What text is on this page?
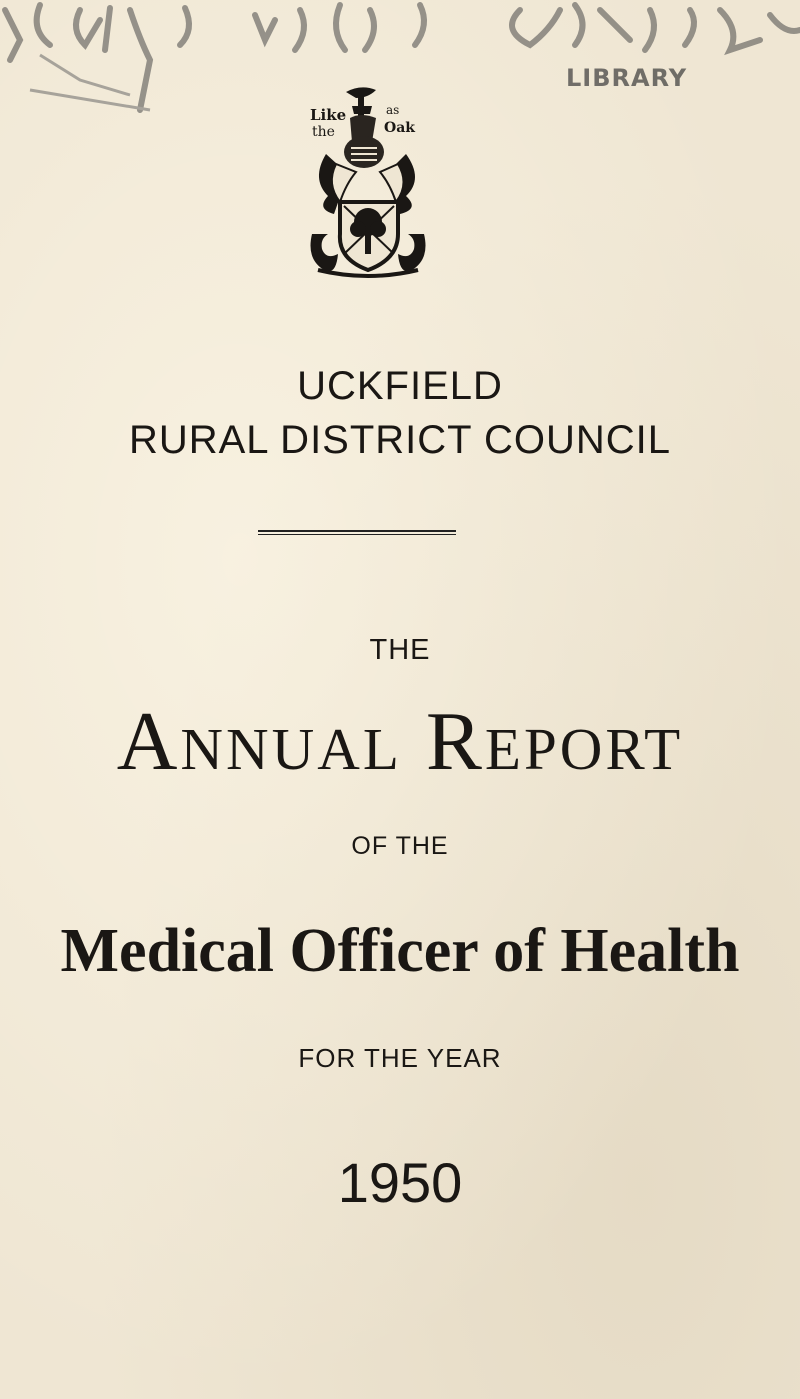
LIBRARY
Like
the
as
Oak
UCKFIELD
RURAL DISTRICT COUNCIL
THE
Annual Report
OF THE
Medical Officer of Health
FOR THE YEAR
1950
